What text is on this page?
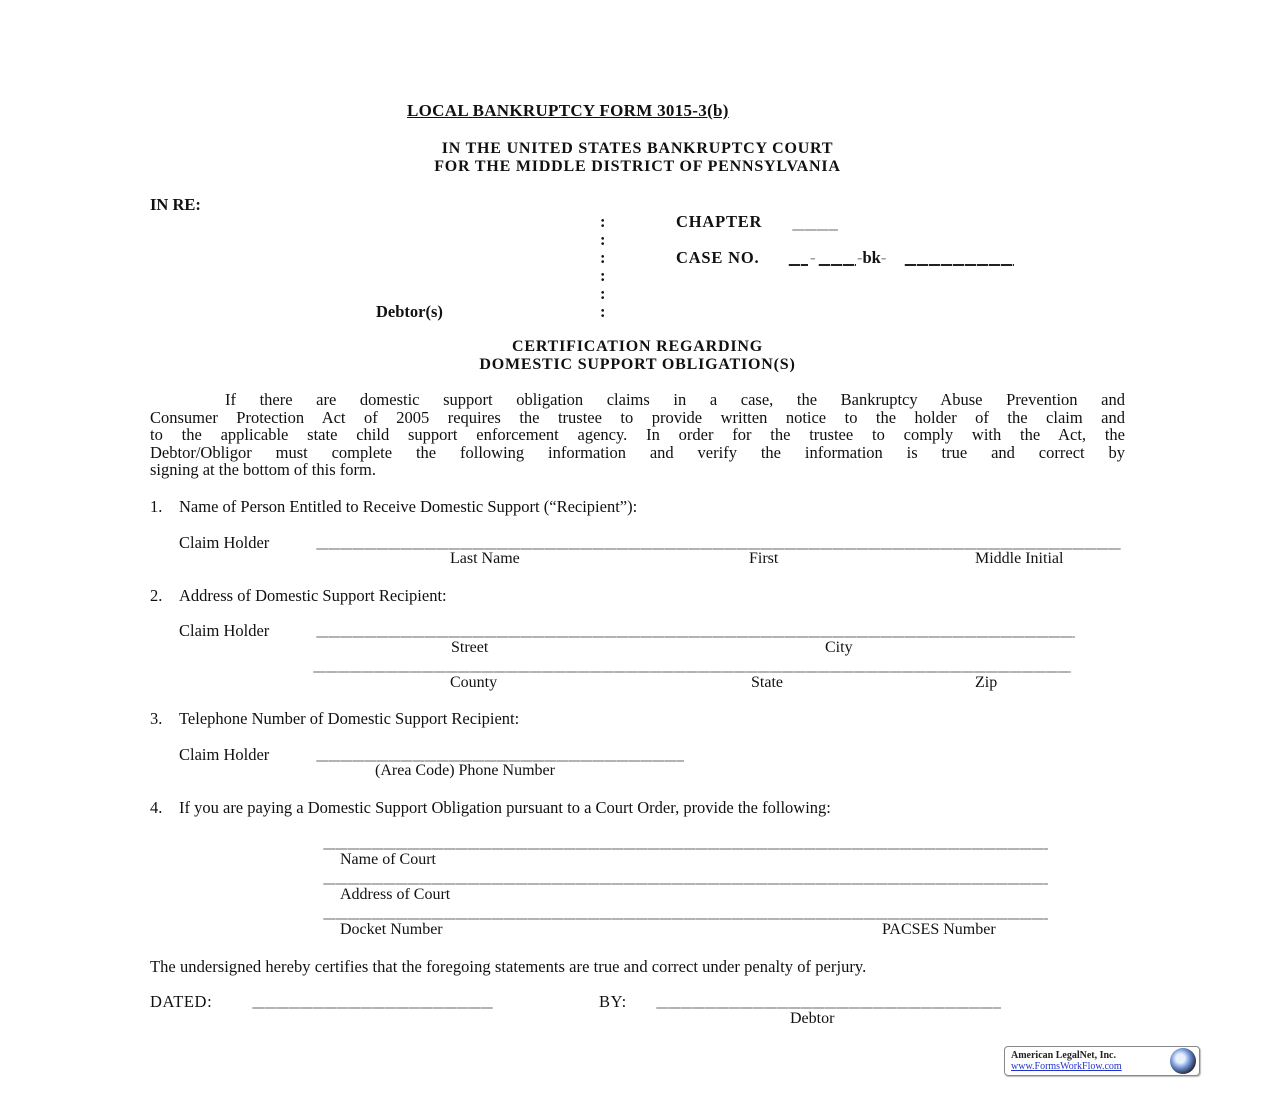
LOCAL BANKRUPTCY FORM 3015-3(b)
IN THE UNITED STATES BANKRUPTCY COURT
FOR THE MIDDLE DISTRICT OF PENNSYLVANIA
IN RE:
:
:
:
:
:
:
CHAPTER
CASE NO.	-	-bk-
Debtor(s)
CERTIFICATION REGARDING
DOMESTIC SUPPORT OBLIGATION(S)
If there are domestic support obligation claims in a case, the Bankruptcy Abuse Prevention and
Consumer Protection Act of 2005 requires the trustee to provide written notice to the holder of the claim and
to the applicable state child support enforcement agency. In order for the trustee to comply with the Act, the
Debtor/Obligor must complete the following information and verify the information is true and correct by
signing at the bottom of this form.
1. Name of Person Entitled to Receive Domestic Support (“Recipient”):
Claim Holder
Last Name	First	Middle Initial
2. Address of Domestic Support Recipient:
Claim Holder
Street	City
County	State	Zip
3. Telephone Number of Domestic Support Recipient:
Claim Holder
(Area Code) Phone Number
4. If you are paying a Domestic Support Obligation pursuant to a Court Order, provide the following:
Name of Court
Address of Court
Docket Number	PACSES Number
The undersigned hereby certifies that the foregoing statements are true and correct under penalty of perjury.
DATED:	BY:
Debtor
American LegalNet, Inc.
www.FormsWorkFlow.com
